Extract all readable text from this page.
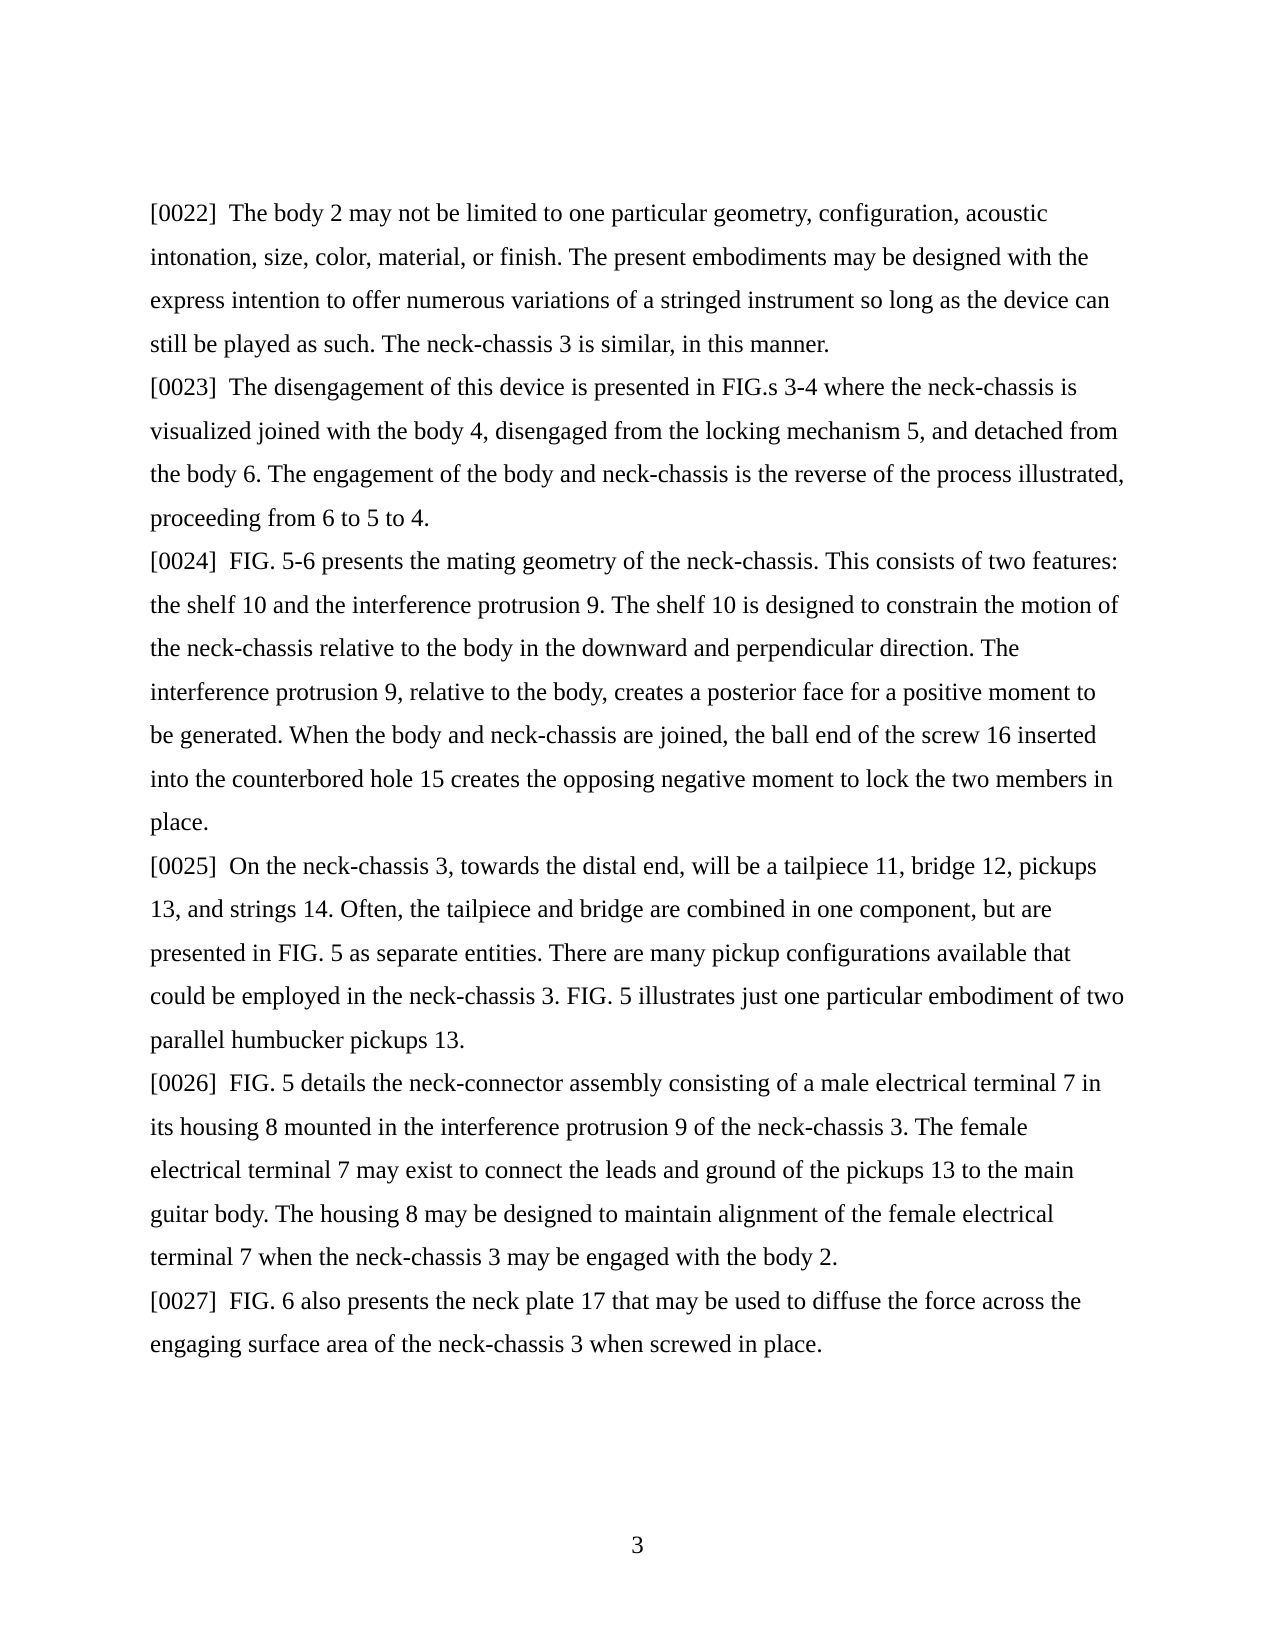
[0022]  The body 2 may not be limited to one particular geometry, configuration, acoustic
intonation, size, color, material, or finish. The present embodiments may be designed with the
express intention to offer numerous variations of a stringed instrument so long as the device can
still be played as such. The neck-chassis 3 is similar, in this manner.
[0023]  The disengagement of this device is presented in FIG.s 3-4 where the neck-chassis is
visualized joined with the body 4, disengaged from the locking mechanism 5, and detached from
the body 6. The engagement of the body and neck-chassis is the reverse of the process illustrated,
proceeding from 6 to 5 to 4.
[0024]  FIG. 5-6 presents the mating geometry of the neck-chassis. This consists of two features:
the shelf 10 and the interference protrusion 9. The shelf 10 is designed to constrain the motion of
the neck-chassis relative to the body in the downward and perpendicular direction. The
interference protrusion 9, relative to the body, creates a posterior face for a positive moment to
be generated. When the body and neck-chassis are joined, the ball end of the screw 16 inserted
into the counterbored hole 15 creates the opposing negative moment to lock the two members in
place.
[0025]  On the neck-chassis 3, towards the distal end, will be a tailpiece 11, bridge 12, pickups
13, and strings 14. Often, the tailpiece and bridge are combined in one component, but are
presented in FIG. 5 as separate entities. There are many pickup configurations available that
could be employed in the neck-chassis 3. FIG. 5 illustrates just one particular embodiment of two
parallel humbucker pickups 13.
[0026]  FIG. 5 details the neck-connector assembly consisting of a male electrical terminal 7 in
its housing 8 mounted in the interference protrusion 9 of the neck-chassis 3. The female
electrical terminal 7 may exist to connect the leads and ground of the pickups 13 to the main
guitar body. The housing 8 may be designed to maintain alignment of the female electrical
terminal 7 when the neck-chassis 3 may be engaged with the body 2.
[0027]  FIG. 6 also presents the neck plate 17 that may be used to diffuse the force across the
engaging surface area of the neck-chassis 3 when screwed in place.
3
